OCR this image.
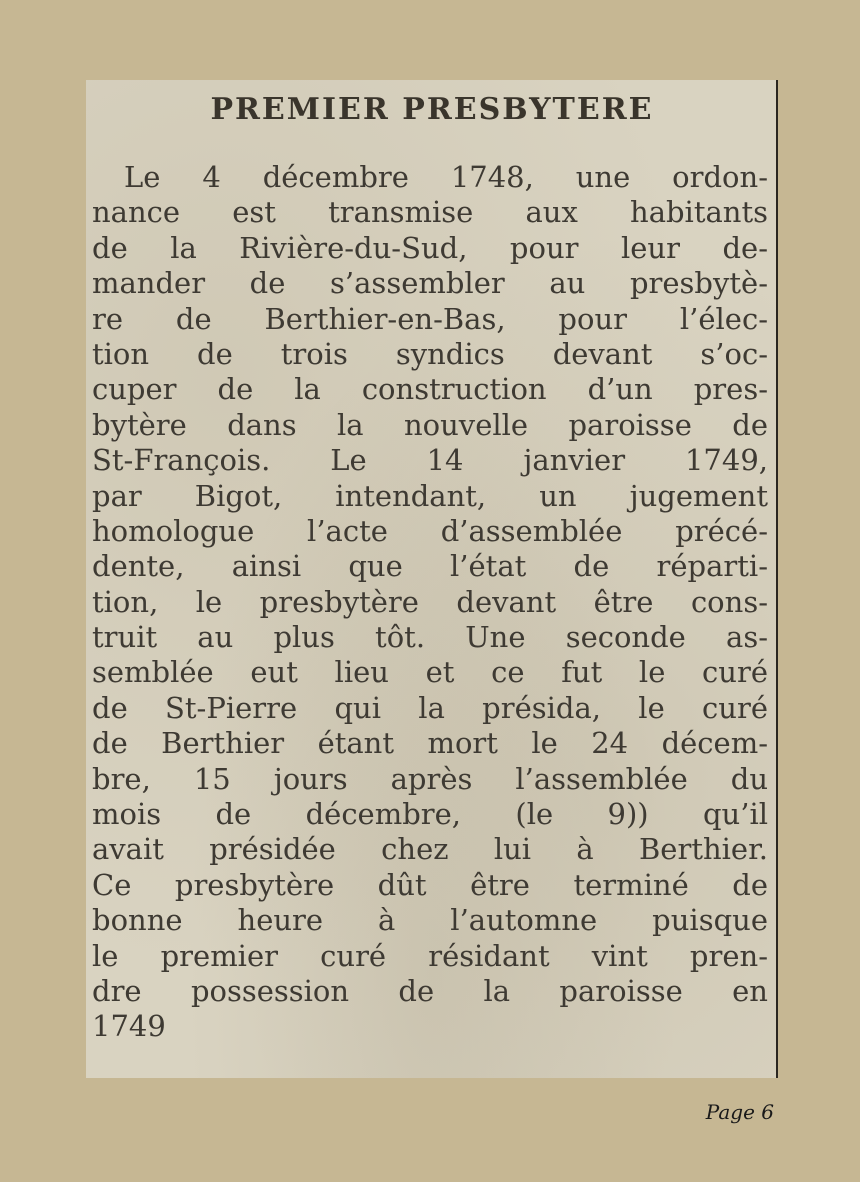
PREMIER PRESBYTERE
Le 4 décembre 1748, une ordon-
nance est transmise aux habitants
de la Rivière-du-Sud, pour leur de-
mander de s’assembler au presbytè-
re de Berthier-en-Bas, pour l’élec-
tion de trois syndics devant s’oc-
cuper de la construction d’un pres-
bytère dans la nouvelle paroisse de
St-François. Le 14 janvier 1749,
par Bigot, intendant, un jugement
homologue l’acte d’assemblée précé-
dente, ainsi que l’état de réparti-
tion, le presbytère devant être cons-
truit au plus tôt. Une seconde as-
semblée eut lieu et ce fut le curé
de St-Pierre qui la présida, le curé
de Berthier étant mort le 24 décem-
bre, 15 jours après l’assemblée du
mois de décembre, (le 9)) qu’il
avait présidée chez lui à Berthier.
Ce presbytère dût être terminé de
bonne heure à l’automne puisque
le premier curé résidant vint pren-
dre possession de la paroisse en
1749
Page 6
